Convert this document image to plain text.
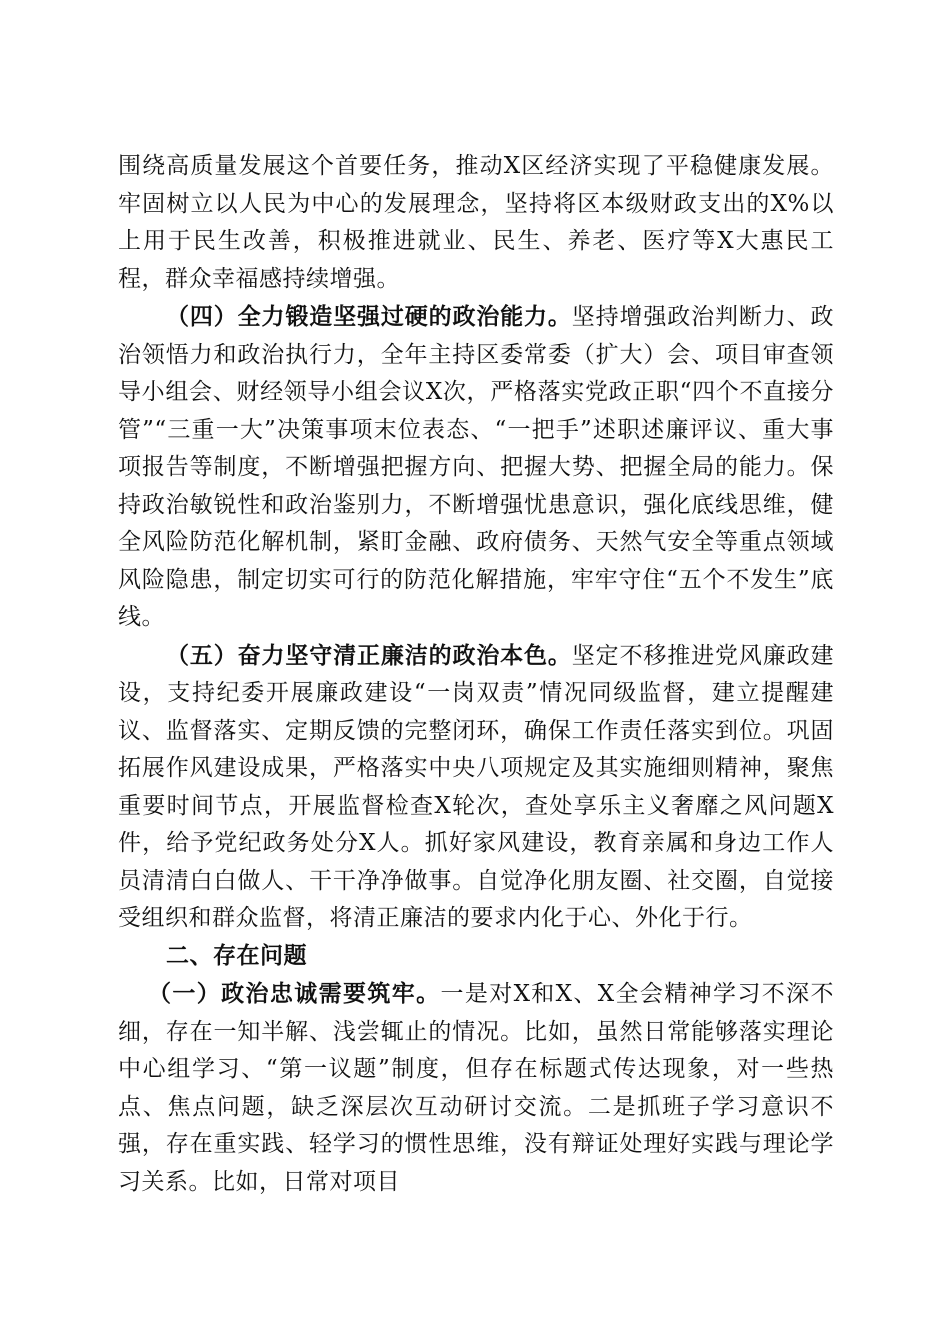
围绕高质量发展这个首要任务，推动X区经济实现了平稳健康发展。牢固树立以人民为中心的发展理念，坚持将区本级财政支出的X%以上用于民生改善，积极推进就业、民生、养老、医疗等X大惠民工程，群众幸福感持续增强。

（四）全力锻造坚强过硬的政治能力。坚持增强政治判断力、政治领悟力和政治执行力，全年主持区委常委（扩大）会、项目审查领导小组会、财经领导小组会议X次，严格落实党政正职“四个不直接分管”“三重一大”决策事项末位表态、“一把手”述职述廉评议、重大事项报告等制度，不断增强把握方向、把握大势、把握全局的能力。保持政治敏锐性和政治鉴别力，不断增强忧患意识，强化底线思维，健全风险防范化解机制，紧盯金融、政府债务、天然气安全等重点领域风险隐患，制定切实可行的防范化解措施，牢牢守住“五个不发生”底线。

（五）奋力坚守清正廉洁的政治本色。坚定不移推进党风廉政建设，支持纪委开展廉政建设“一岗双责”情况同级监督，建立提醒建议、监督落实、定期反馈的完整闭环，确保工作责任落实到位。巩固拓展作风建设成果，严格落实中央八项规定及其实施细则精神，聚焦重要时间节点，开展监督检查X轮次，查处享乐主义奢靡之风问题X件，给予党纪政务处分X人。抓好家风建设，教育亲属和身边工作人员清清白白做人、干干净净做事。自觉净化朋友圈、社交圈，自觉接受组织和群众监督，将清正廉洁的要求内化于心、外化于行。

二、存在问题

（一）政治忠诚需要筑牢。一是对X和X、X全会精神学习不深不细，存在一知半解、浅尝辄止的情况。比如，虽然日常能够落实理论中心组学习、“第一议题”制度，但存在标题式传达现象，对一些热点、焦点问题，缺乏深层次互动研讨交流。二是抓班子学习意识不强，存在重实践、轻学习的惯性思维，没有辩证处理好实践与理论学习关系。比如，日常对项目
